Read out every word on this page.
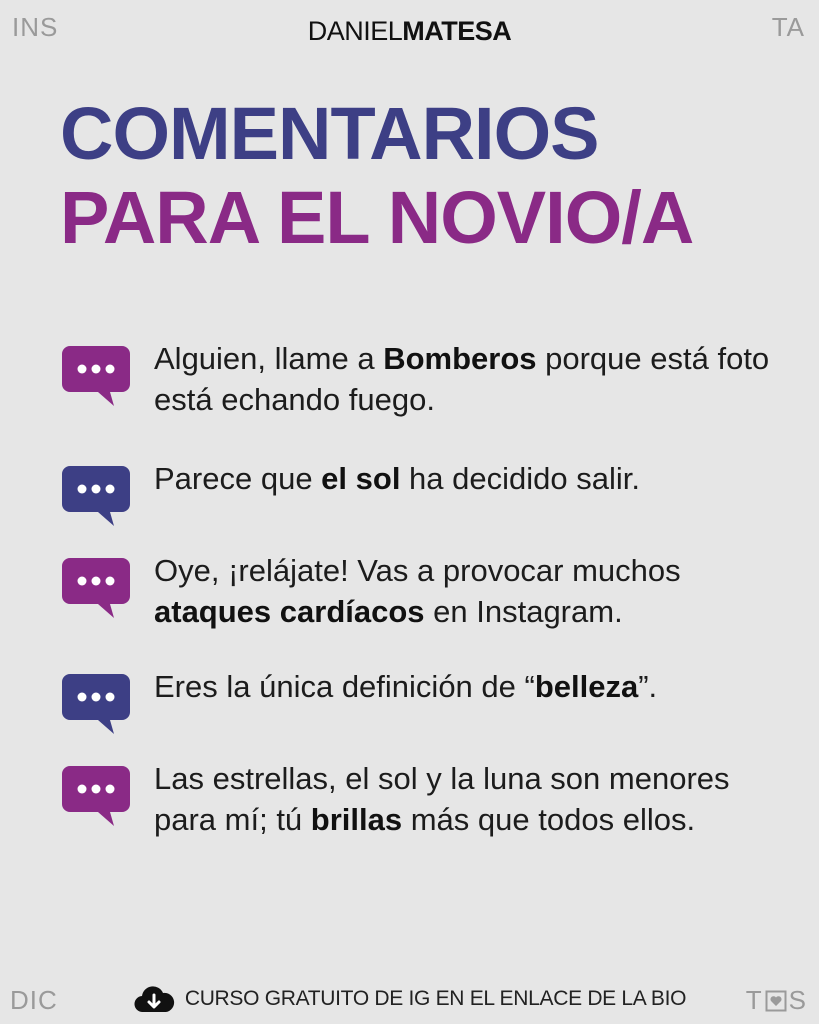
INS	TA
DIC	T S
DANIELMATESA
COMENTARIOS
PARA EL NOVIO/A
Alguien, llame a Bomberos porque está foto está echando fuego.
Parece que el sol ha decidido salir.
Oye, ¡relájate! Vas a provocar muchos ataques cardíacos en Instagram.
Eres la única definición de “belleza”.
Las estrellas, el sol y la luna son menores para mí; tú brillas más que todos ellos.
CURSO GRATUITO DE IG EN EL ENLACE DE LA BIO
